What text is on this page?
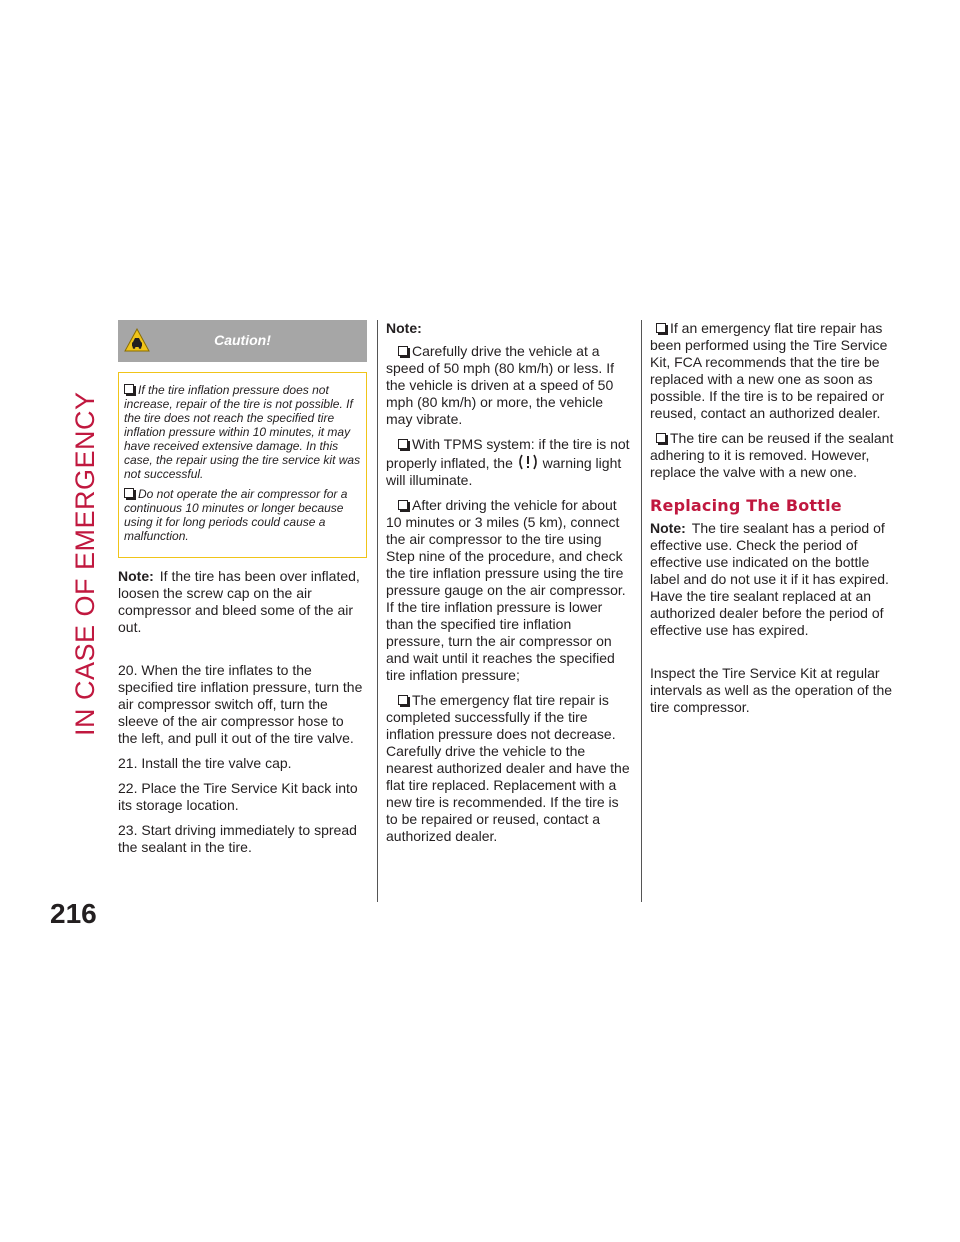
IN CASE OF EMERGENCY
216
Caution!

If the tire inflation pressure does not increase, repair of the tire is not possible. If the tire does not reach the specified tire inflation pressure within 10 minutes, it may have received extensive damage. In this case, the repair using the tire service kit was not successful.

Do not operate the air compressor for a continuous 10 minutes or longer because using it for long periods could cause a malfunction.

Note: If the tire has been over inflated, loosen the screw cap on the air compressor and bleed some of the air out.

20. When the tire inflates to the specified tire inflation pressure, turn the air compressor switch off, turn the sleeve of the air compressor hose to the left, and pull it out of the tire valve.

21. Install the tire valve cap.

22. Place the Tire Service Kit back into its storage location.

23. Start driving immediately to spread the sealant in the tire.

Note:

Carefully drive the vehicle at a speed of 50 mph (80 km/h) or less. If the vehicle is driven at a speed of 50 mph (80 km/h) or more, the vehicle may vibrate.

With TPMS system: if the tire is not properly inflated, the warning light will illuminate.

After driving the vehicle for about 10 minutes or 3 miles (5 km), connect the air compressor to the tire using Step nine of the procedure, and check the tire inflation pressure using the tire pressure gauge on the air compressor. If the tire inflation pressure is lower than the specified tire inflation pressure, turn the air compressor on and wait until it reaches the specified tire inflation pressure;

The emergency flat tire repair is completed successfully if the tire inflation pressure does not decrease. Carefully drive the vehicle to the nearest authorized dealer and have the flat tire replaced. Replacement with a new tire is recommended. If the tire is to be repaired or reused, contact a authorized dealer.

If an emergency flat tire repair has been performed using the Tire Service Kit, FCA recommends that the tire be replaced with a new one as soon as possible. If the tire is to be repaired or reused, contact an authorized dealer.

The tire can be reused if the sealant adhering to it is removed. However, replace the valve with a new one.

Replacing The Bottle

Note: The tire sealant has a period of effective use. Check the period of effective use indicated on the bottle label and do not use it if it has expired. Have the tire sealant replaced at an authorized dealer before the period of effective use has expired.

Inspect the Tire Service Kit at regular intervals as well as the operation of the tire compressor.
